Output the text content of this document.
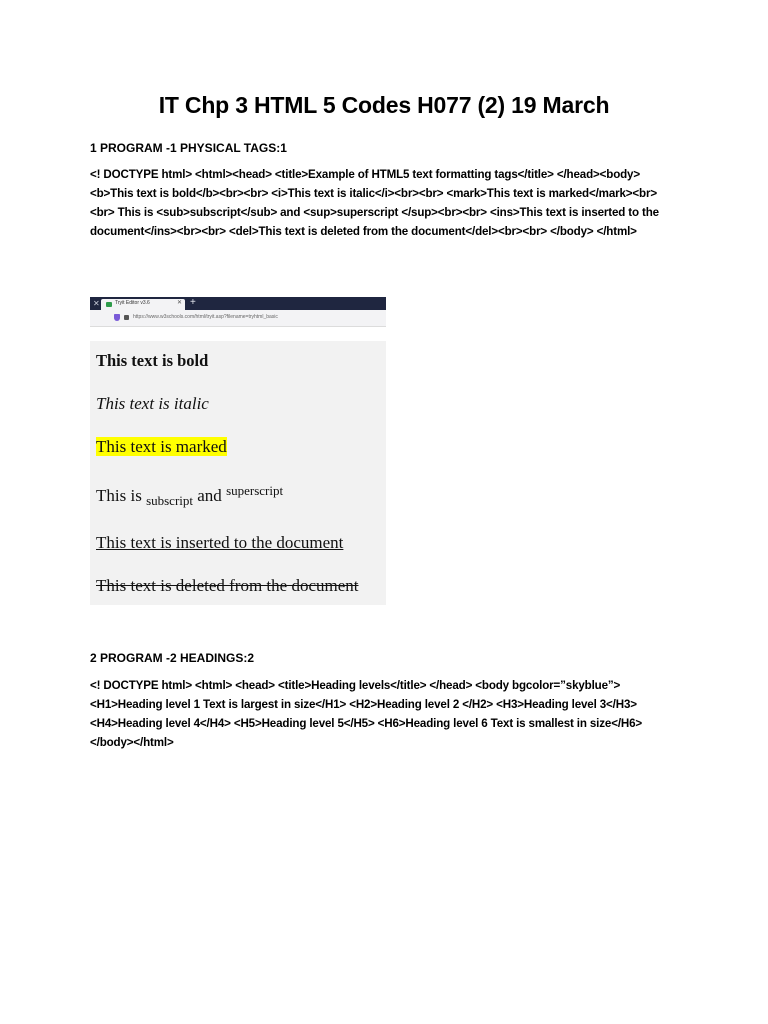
IT Chp 3 HTML 5 Codes H077 (2) 19 March
1 PROGRAM -1 PHYSICAL TAGS:1
<! DOCTYPE html> <html><head> <title>Example of HTML5 text formatting tags</title> </head><body> <b>This text is bold</b><br><br> <i>This text is italic</i><br><br> <mark>This text is marked</mark><br><br> This is <sub>subscript</sub> and <sup>superscript </sup><br><br> <ins>This text is inserted to the document</ins><br><br> <del>This text is deleted from the document</del><br><br> </body> </html>
✕	Tryit Editor v3.6	✕ +
https://www.w3schools.com/html/tryit.asp?filename=tryhtml_basic
This text is bold
This text is italic
This text is marked
This is $_{subscript}$ and $^{superscript}$
This text is inserted to the document
This text is deleted from the document
2 PROGRAM -2 HEADINGS:2
<! DOCTYPE html> <html> <head> <title>Heading levels</title> </head> <body bgcolor=”skyblue”> <H1>Heading level 1 Text is largest in size</H1> <H2>Heading level 2 </H2> <H3>Heading level 3</H3> <H4>Heading level 4</H4> <H5>Heading level 5</H5> <H6>Heading level 6 Text is smallest in size</H6> </body></html>
